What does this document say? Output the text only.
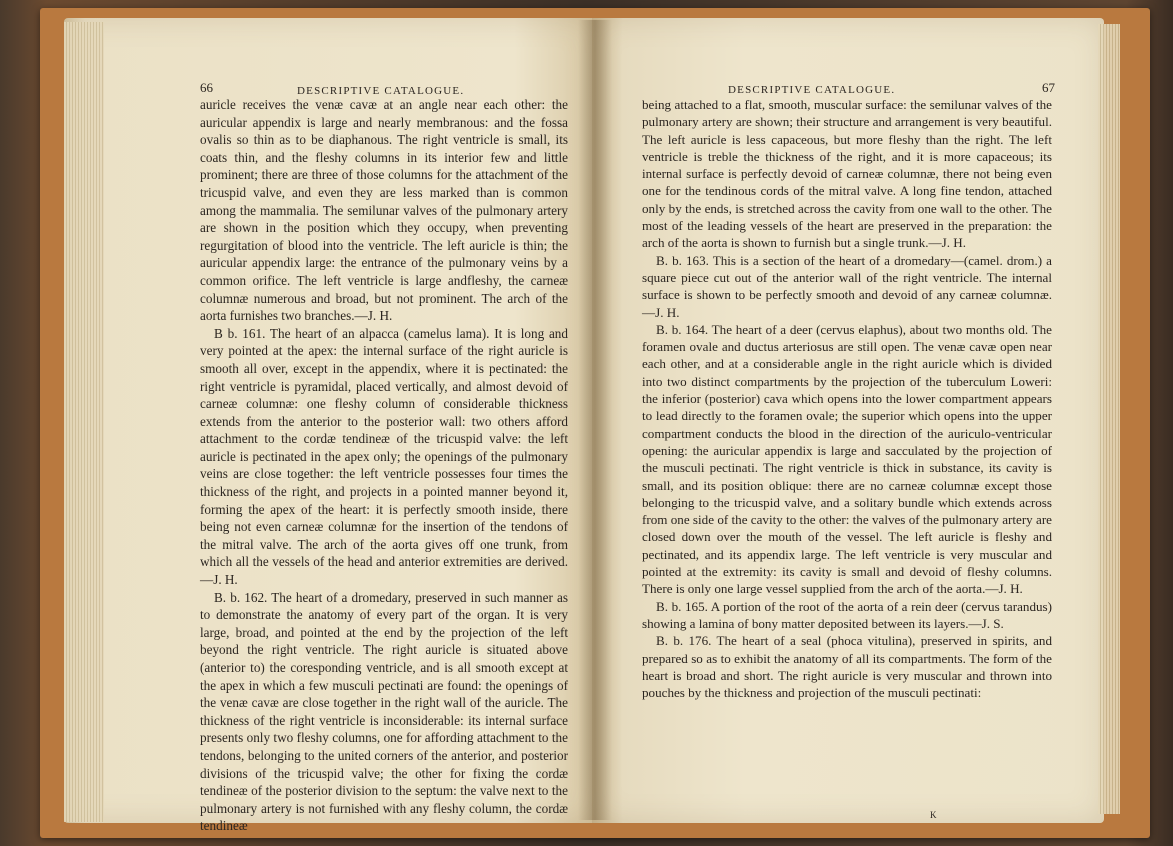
66	DESCRIPTIVE CATALOGUE.

auricle receives the venæ cavæ at an angle near each other: the auricular appendix is large and nearly membranous: and the fossa ovalis so thin as to be diaphanous. The right ventricle is small, its coats thin, and the fleshy columns in its interior few and little prominent; there are three of those columns for the attachment of the tricuspid valve, and even they are less marked than is common among the mammalia. The semilunar valves of the pulmonary artery are shown in the position which they occupy, when preventing regurgitation of blood into the ventricle. The left auricle is thin; the auricular appendix large: the entrance of the pulmonary veins by a common orifice. The left ventricle is large andfleshy, the carneæ columnæ numerous and broad, but not prominent. The arch of the aorta furnishes two branches.—J. H.

B b. 161. The heart of an alpacca (camelus lama). It is long and very pointed at the apex: the internal surface of the right auricle is smooth all over, except in the appendix, where it is pectinated: the right ventricle is pyramidal, placed vertically, and almost devoid of carneæ columnæ: one fleshy column of considerable thickness extends from the anterior to the posterior wall: two others afford attachment to the cordæ tendineæ of the tricuspid valve: the left auricle is pectinated in the apex only; the openings of the pulmonary veins are close together: the left ventricle possesses four times the thickness of the right, and projects in a pointed manner beyond it, forming the apex of the heart: it is perfectly smooth inside, there being not even carneæ columnæ for the insertion of the tendons of the mitral valve. The arch of the aorta gives off one trunk, from which all the vessels of the head and anterior extremities are derived.—J. H.

B. b. 162. The heart of a dromedary, preserved in such manner as to demonstrate the anatomy of every part of the organ. It is very large, broad, and pointed at the end by the projection of the left beyond the right ventricle. The right auricle is situated above (anterior to) the coresponding ventricle, and is all smooth except at the apex in which a few musculi pectinati are found: the openings of the venæ cavæ are close together in the right wall of the auricle. The thickness of the right ventricle is inconsiderable: its internal surface presents only two fleshy columns, one for affording attachment to the tendons, belonging to the united corners of the anterior, and posterior divisions of the tricuspid valve; the other for fixing the cordæ tendineæ of the posterior division to the septum: the valve next to the pulmonary artery is not furnished with any fleshy column, the cordæ tendineæ

DESCRIPTIVE CATALOGUE.	67

being attached to a flat, smooth, muscular surface: the semilunar valves of the pulmonary artery are shown; their structure and arrangement is very beautiful. The left auricle is less capaceous, but more fleshy than the right. The left ventricle is treble the thickness of the right, and it is more capaceous; its internal surface is perfectly devoid of carneæ columnæ, there not being even one for the tendinous cords of the mitral valve. A long fine tendon, attached only by the ends, is stretched across the cavity from one wall to the other. The most of the leading vessels of the heart are preserved in the preparation: the arch of the aorta is shown to furnish but a single trunk.—J. H.

B. b. 163. This is a section of the heart of a dromedary—(camel. drom.) a square piece cut out of the anterior wall of the right ventricle. The internal surface is shown to be perfectly smooth and devoid of any carneæ columnæ.—J. H.

B. b. 164. The heart of a deer (cervus elaphus), about two months old. The foramen ovale and ductus arteriosus are still open. The venæ cavæ open near each other, and at a considerable angle in the right auricle which is divided into two distinct compartments by the projection of the tuberculum Loweri: the inferior (posterior) cava which opens into the lower compartment appears to lead directly to the foramen ovale; the superior which opens into the upper compartment conducts the blood in the direction of the auriculo-ventricular opening: the auricular appendix is large and sacculated by the projection of the musculi pectinati. The right ventricle is thick in substance, its cavity is small, and its position oblique: there are no carneæ columnæ except those belonging to the tricuspid valve, and a solitary bundle which extends across from one side of the cavity to the other: the valves of the pulmonary artery are closed down over the mouth of the vessel. The left auricle is fleshy and pectinated, and its appendix large. The left ventricle is very muscular and pointed at the extremity: its cavity is small and devoid of fleshy columns. There is only one large vessel supplied from the arch of the aorta.—J. H.

B. b. 165. A portion of the root of the aorta of a rein deer (cervus tarandus) showing a lamina of bony matter deposited between its layers.—J. S.

B. b. 176. The heart of a seal (phoca vitulina), preserved in spirits, and prepared so as to exhibit the anatomy of all its compartments. The form of the heart is broad and short. The right auricle is very muscular and thrown into pouches by the thickness and projection of the musculi pectinati:

K
